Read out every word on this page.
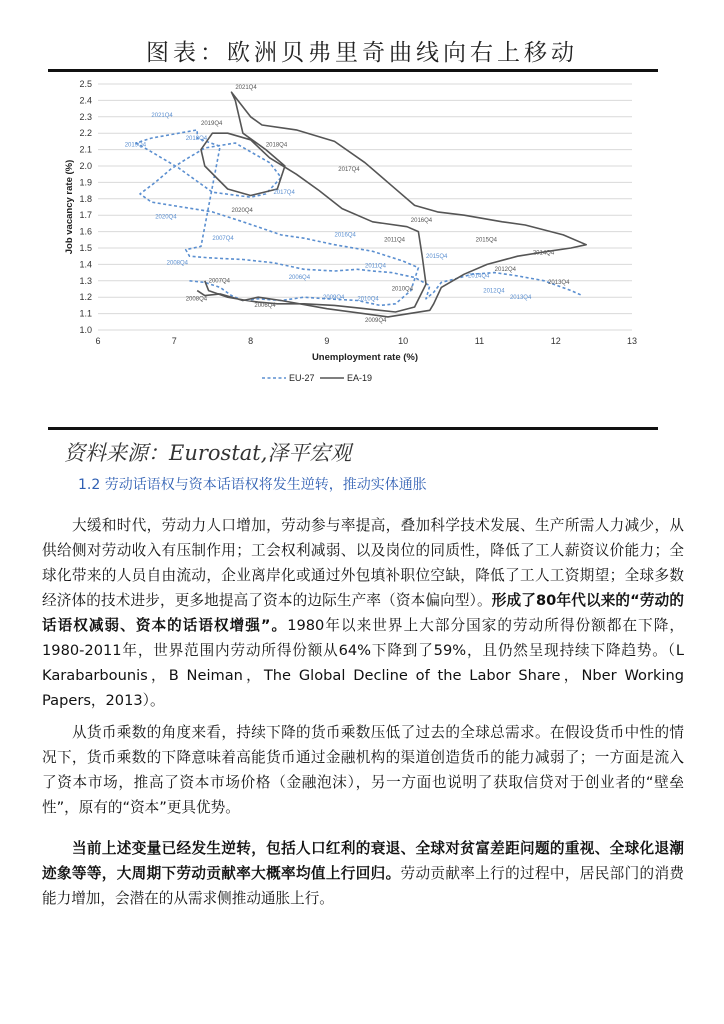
图表：欧洲贝弗里奇曲线向右上移动
1.0
1.1
1.2
1.3
1.4
1.5
1.6
1.7
1.8
1.9
2.0
2.1
2.2
2.3
2.4
2.5
6	7	8	9	10	11	12	13
Unemployment rate (%)
Job vacancy rate (%)
2021Q4
2021Q4
2019Q4
2018Q4
2019Q4	2018Q4
2017Q4
2017Q4
2020Q4
2020Q4
2016Q4
2016Q4
2007Q4	2011Q4	2015Q4
2014Q4
2015Q4
2008Q4
2011Q4
2012Q4
2014Q4
2006Q4
2013Q4
2007Q4
2010Q4	2012Q4
2009Q4 2010Q4	2013Q4
2008Q4
2006Q4
2009Q4
EU-27	EA-19
资料来源：Eurostat,泽平宏观
1.2 劳动话语权与资本话语权将发生逆转，推动实体通胀

大缓和时代，劳动力人口增加，劳动参与率提高，叠加科学技术发展、生产所需人力减少，从供给侧对劳动收入有压制作用；工会权利减弱、以及岗位的同质性，降低了工人薪资议价能力；全球化带来的人员自由流动，企业离岸化或通过外包填补职位空缺，降低了工人工资期望；全球多数经济体的技术进步，更多地提高了资本的边际生产率（资本偏向型）。形成了80年代以来的“劳动的话语权减弱、资本的话语权增强”。1980年以来世界上大部分国家的劳动所得份额都在下降，1980-2011年，世界范围内劳动所得份额从64%下降到了59%，且仍然呈现持续下降趋势。（L Karabarbounis，B Neiman，The Global Decline of the Labor Share，Nber Working Papers，2013）。

从货币乘数的角度来看，持续下降的货币乘数压低了过去的全球总需求。在假设货币中性的情况下，货币乘数的下降意味着高能货币通过金融机构的渠道创造货币的能力减弱了；一方面是流入了资本市场，推高了资本市场价格（金融泡沫），另一方面也说明了获取信贷对于创业者的“壁垒性”，原有的“资本”更具优势。

当前上述变量已经发生逆转，包括人口红利的衰退、全球对贫富差距问题的重视、全球化退潮迹象等等，大周期下劳动贡献率大概率均值上行回归。劳动贡献率上行的过程中，居民部门的消费能力增加，会潜在的从需求侧推动通胀上行。
